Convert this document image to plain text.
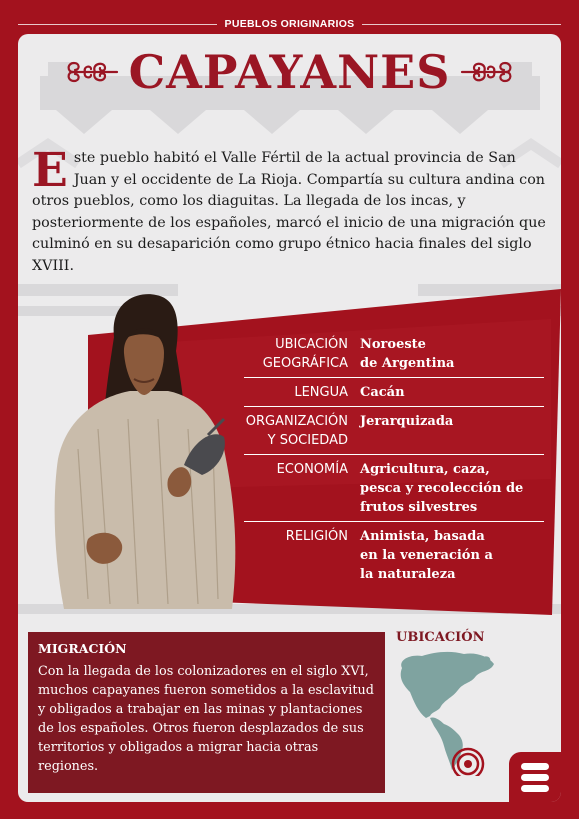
PUEBLOS ORIGINARIOS
CAPAYANES
Este pueblo habitó el Valle Fértil de la actual provincia de San Juan y el occidente de La Rioja. Compartía su cultura andina con otros pueblos, como los diaguitas. La llegada de los incas, y posteriormente de los españoles, marcó el inicio de una migración que culminó en su desaparición como grupo étnico hacia finales del siglo XVIII.
UBICACIÓN
GEOGRÁFICA
Noroeste
de Argentina
LENGUA Cacán
ORGANIZACIÓN
Y SOCIEDAD
Jerarquizada
ECONOMÍA Agricultura, caza,
pesca y recolección de
frutos silvestres
RELIGIÓN Animista, basada
en la veneración a
la naturaleza
MIGRACIÓN

Con la llegada de los colonizadores en el siglo XVI, muchos capayanes fueron sometidos a la esclavitud y obligados a trabajar en las minas y plantaciones de los españoles. Otros fueron desplazados de sus territorios y obligados a migrar hacia otras regiones.

UBICACIÓN
